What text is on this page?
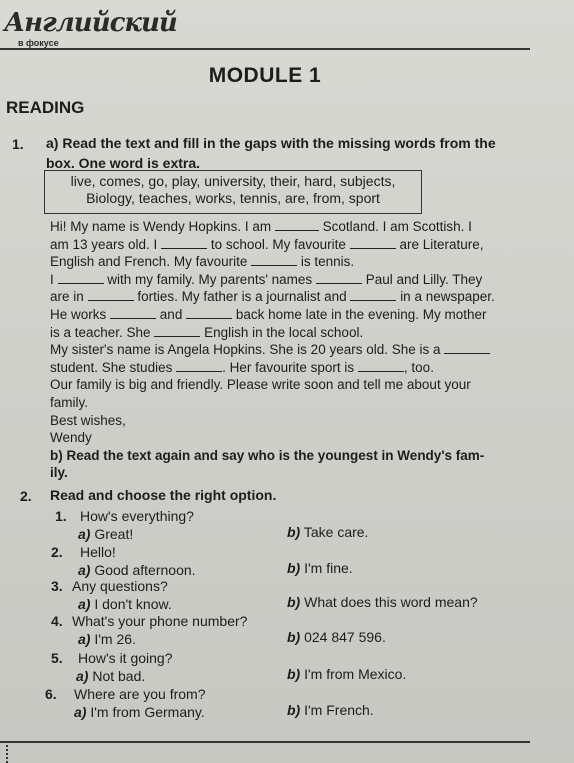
Английский
в фокусе
MODULE 1
READING
1. a) Read the text and fill in the gaps with the missing words from the
box. One word is extra.
live, comes, go, play, university, their, hard, subjects,
Biology, teaches, works, tennis, are, from, sport

Hi! My name is Wendy Hopkins. I am	Scotland. I am Scottish. I

am 13 years old. I	to school. My favourite	are Literature,

English and French. My favourite	is tennis.

I	with my family. My parents' names	Paul and Lilly. They

are in	forties. My father is a journalist and	in a newspaper.

He works	and	back home late in the evening. My mother

is a teacher. She	English in the local school.

My sister's name is Angela Hopkins. She is 20 years old. She is a

student. She studies	. Her favourite sport is	, too.

Our family is big and friendly. Please write soon and tell me about your

family.

Best wishes,

Wendy

b) Read the text again and say who is the youngest in Wendy's fam-

ily.

2. Read and choose the right option.
1. How's everything?
a) Great!	b) Take care.
2. Hello!
a) Good afternoon.	b) I'm fine.
3. Any questions?
a) I don't know.	b) What does this word mean?
4. What's your phone number?
a) I'm 26.	b) 024 847 596.
5. How's it going?
a) Not bad.	b) I'm from Mexico.
6. Where are you from?
a) I'm from Germany.	b) I'm French.
